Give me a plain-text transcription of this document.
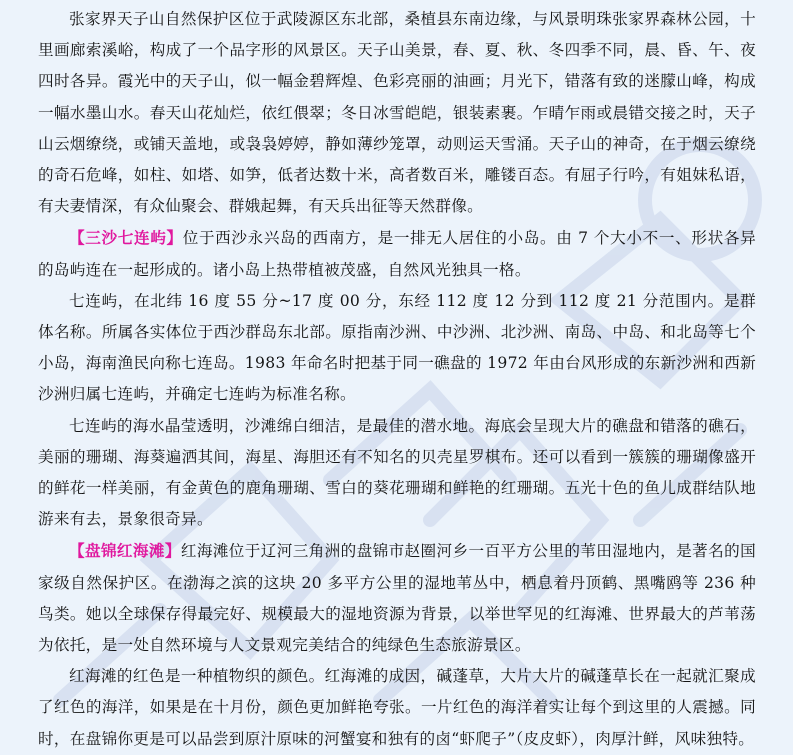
张家界天子山自然保护区位于武陵源区东北部，桑植县东南边缘，与风景明珠张家界森林公园，十里画廊索溪峪，构成了一个品字形的风景区。天子山美景，春、夏、秋、冬四季不同，晨、昏、午、夜四时各异。霞光中的天子山，似一幅金碧辉煌、色彩亮丽的油画；月光下，错落有致的迷朦山峰，构成一幅水墨山水。春天山花灿烂，依红偎翠；冬日冰雪皑皑，银装素裹。乍晴乍雨或晨错交接之时，天子山云烟缭绕，或铺天盖地，或袅袅婷婷，静如薄纱笼罩，动则运天雪涌。天子山的神奇，在于烟云缭绕的奇石危峰，如柱、如塔、如笋，低者达数十米，高者数百米，雕镂百态。有屈子行吟，有姐妹私语，有夫妻情深，有众仙聚会、群娥起舞，有天兵出征等天然群像。

【三沙七连屿】位于西沙永兴岛的西南方，是一排无人居住的小岛。由 7 个大小不一、形状各异的岛屿连在一起形成的。诸小岛上热带植被茂盛，自然风光独具一格。

七连屿，在北纬 16 度 55 分~17 度 00 分，东经 112 度 12 分到 112 度 21 分范围内。是群体名称。所属各实体位于西沙群岛东北部。原指南沙洲、中沙洲、北沙洲、南岛、中岛、和北岛等七个小岛，海南渔民向称七连岛。1983 年命名时把基于同一礁盘的 1972 年由台风形成的东新沙洲和西新沙洲归属七连屿，并确定七连屿为标准名称。

七连屿的海水晶莹透明，沙滩绵白细洁，是最佳的潜水地。海底会呈现大片的礁盘和错落的礁石，美丽的珊瑚、海葵遍洒其间，海星、海胆还有不知名的贝壳星罗棋布。还可以看到一簇簇的珊瑚像盛开的鲜花一样美丽，有金黄色的鹿角珊瑚、雪白的葵花珊瑚和鲜艳的红珊瑚。五光十色的鱼儿成群结队地游来有去，景象很奇异。

【盘锦红海滩】红海滩位于辽河三角洲的盘锦市赵圈河乡一百平方公里的苇田湿地内，是著名的国家级自然保护区。在渤海之滨的这块 20 多平方公里的湿地苇丛中，栖息着丹顶鹤、黑嘴鸥等 236 种鸟类。她以全球保存得最完好、规模最大的湿地资源为背景，以举世罕见的红海滩、世界最大的芦苇荡为依托，是一处自然环境与人文景观完美结合的纯绿色生态旅游景区。

红海滩的红色是一种植物织的颜色。红海滩的成因，碱蓬草，大片大片的碱蓬草长在一起就汇聚成了红色的海洋，如果是在十月份，颜色更加鲜艳夸张。一片红色的海洋着实让每个到这里的人震撼。同时，在盘锦你更是可以品尝到原汁原味的河蟹宴和独有的卤“虾爬子”（皮皮虾），肉厚汁鲜，风味独特。
